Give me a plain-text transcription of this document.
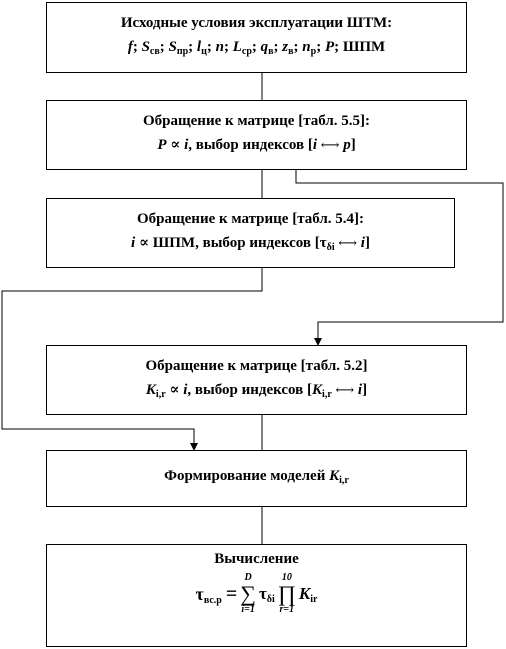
Исходные условия эксплуатации ШТМ:
f; $S_{св}$; $S_{пр}$; $l_ц$; n; $L_{ср}$; $q_в$; $z_в$; $n_р$; P; ШПМ
Обращение к матрице [табл. 5.5]:
P ∝ i, выбор индексов [i ⟷ p]
Обращение к матрице [табл. 5.4]:
i ∝ ШПМ, выбор индексов [$\tau_{\delta i}$ ⟷ i]
Обращение к матрице [табл. 5.2]
$K_{i,r} \propto i$, выбор индексов [$K_{i,r}$ ⟷ i]
Формирование моделей $K_{i,r}$
Вычисление
$\tau_{вс.р}$ =
D
∑
i=1
$\tau_{\delta i}$
10
∏
r=1
$K_{ir}$
